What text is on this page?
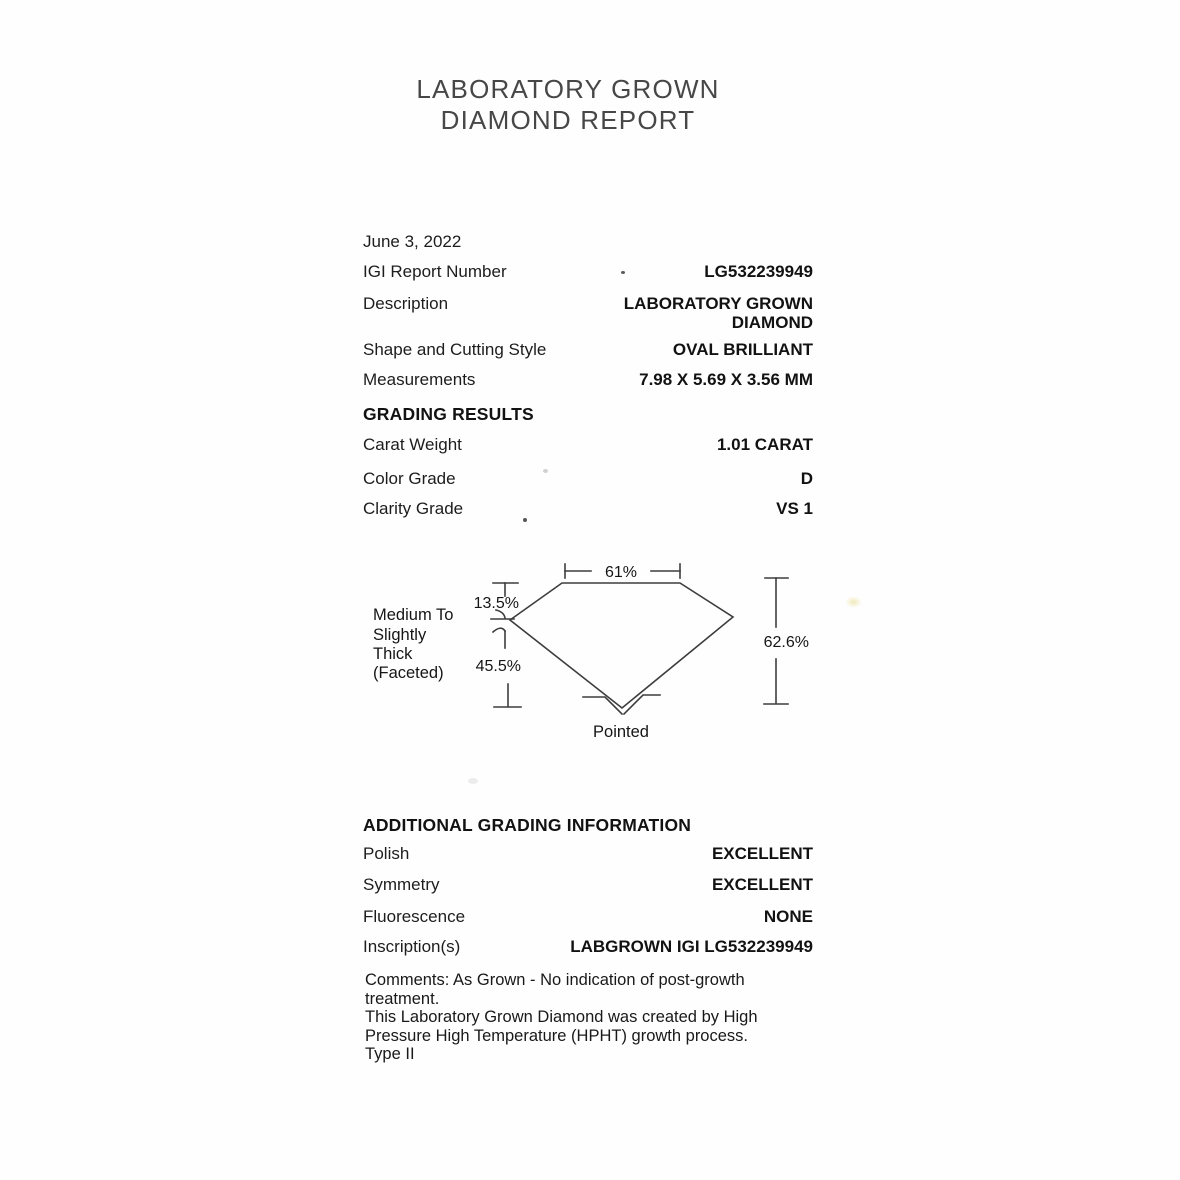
LABORATORY GROWN
DIAMOND REPORT
June 3, 2022
IGI Report Number	LG532239949
Description	LABORATORY GROWN DIAMOND
Shape and Cutting Style	OVAL BRILLIANT
Measurements	7.98 X 5.69 X 3.56 MM
GRADING RESULTS
Carat Weight	1.01 CARAT
Color Grade	D
Clarity Grade	VS 1
61%
13.5%
45.5%
62.6%
Pointed
Medium To
Slightly
Thick
(Faceted)
ADDITIONAL GRADING INFORMATION
Polish	EXCELLENT
Symmetry	EXCELLENT
Fluorescence	NONE
Inscription(s)	LABGROWN IGI LG532239949
Comments: As Grown - No indication of post-growth
treatment.
This Laboratory Grown Diamond was created by High
Pressure High Temperature (HPHT) growth process.
Type II
